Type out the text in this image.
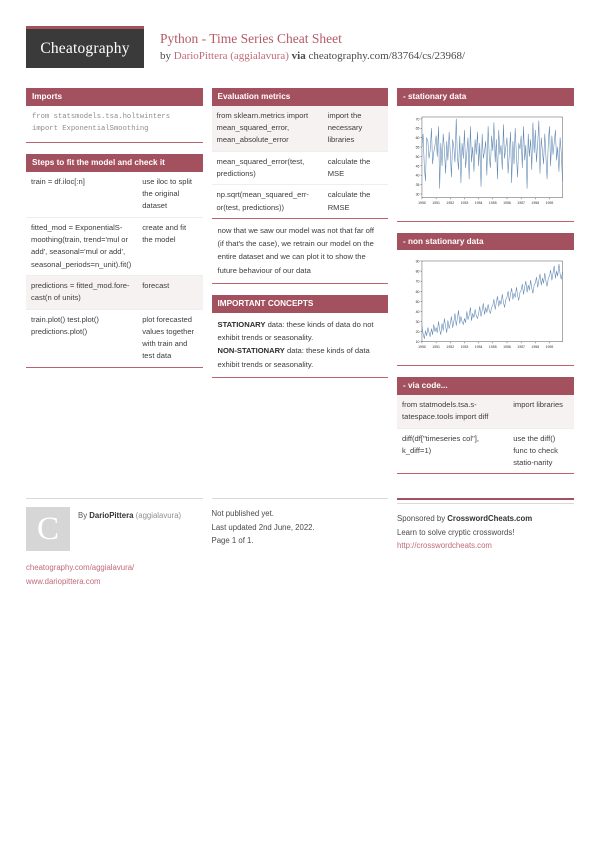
Cheatography
Python - Time Series Cheat Sheet
by DarioPittera (aggialavura) via cheatography.com/83764/cs/23968/
Imports
from statsmodels.tsa.holtwinters
import ExponentialSmoothing
Steps to fit the model and check it
train = df.iloc[:n]	use iloc to split the original dataset
fitted_mod = ExponentialS-moothing(train, trend='mul or add', seasonal='mul or add', seasonal_periods=n_unit).fit()
create and fit the model
predictions = fitted_mod.fore-cast(n of units)
forecast
train.plot() test.plot() predictions.plot()
plot forecasted values together with train and test data
Evaluation metrics
from sklearn.metrics import mean_squared_error, mean_absolute_error
import the necessary libraries
mean_squared_error(test, predictions)
calculate the MSE
np.sqrt(mean_squared_err-or(test, predictions))
calculate the RMSE
now that we saw our model was not that far off (if that's the case), we retrain our model on the entire dataset and we can plot it to show the future behaviour of our data
IMPORTANT CONCEPTS
STATIONARY data: these kinds of data do not exhibit trends or seasonality.
NON-STATIONARY data: these kinds of data exhibit trends or seasonality.
- stationary data
30
35
40
45
50
55
60
65
70
1950 1951 1952 1953 1954 1955 1956 1957 1958 1959
- non stationary data
10
20
30
40
50
60
70
80
90
1950 1951 1952 1953 1954 1955 1956 1957 1958 1959
- via code...
from statmodels.tsa.s-tatespace.tools import diff
import libraries
diff(df["timeseries col"], k_diff=1)
use the diff() func to check statio-narity
C	By DarioPittera (aggialavura)
cheatography.com/aggialavura/
www.dariopittera.com
Not published yet.
Last updated 2nd June, 2022.
Page 1 of 1.
Sponsored by CrosswordCheats.com
Learn to solve cryptic crosswords!
http://crosswordcheats.com
